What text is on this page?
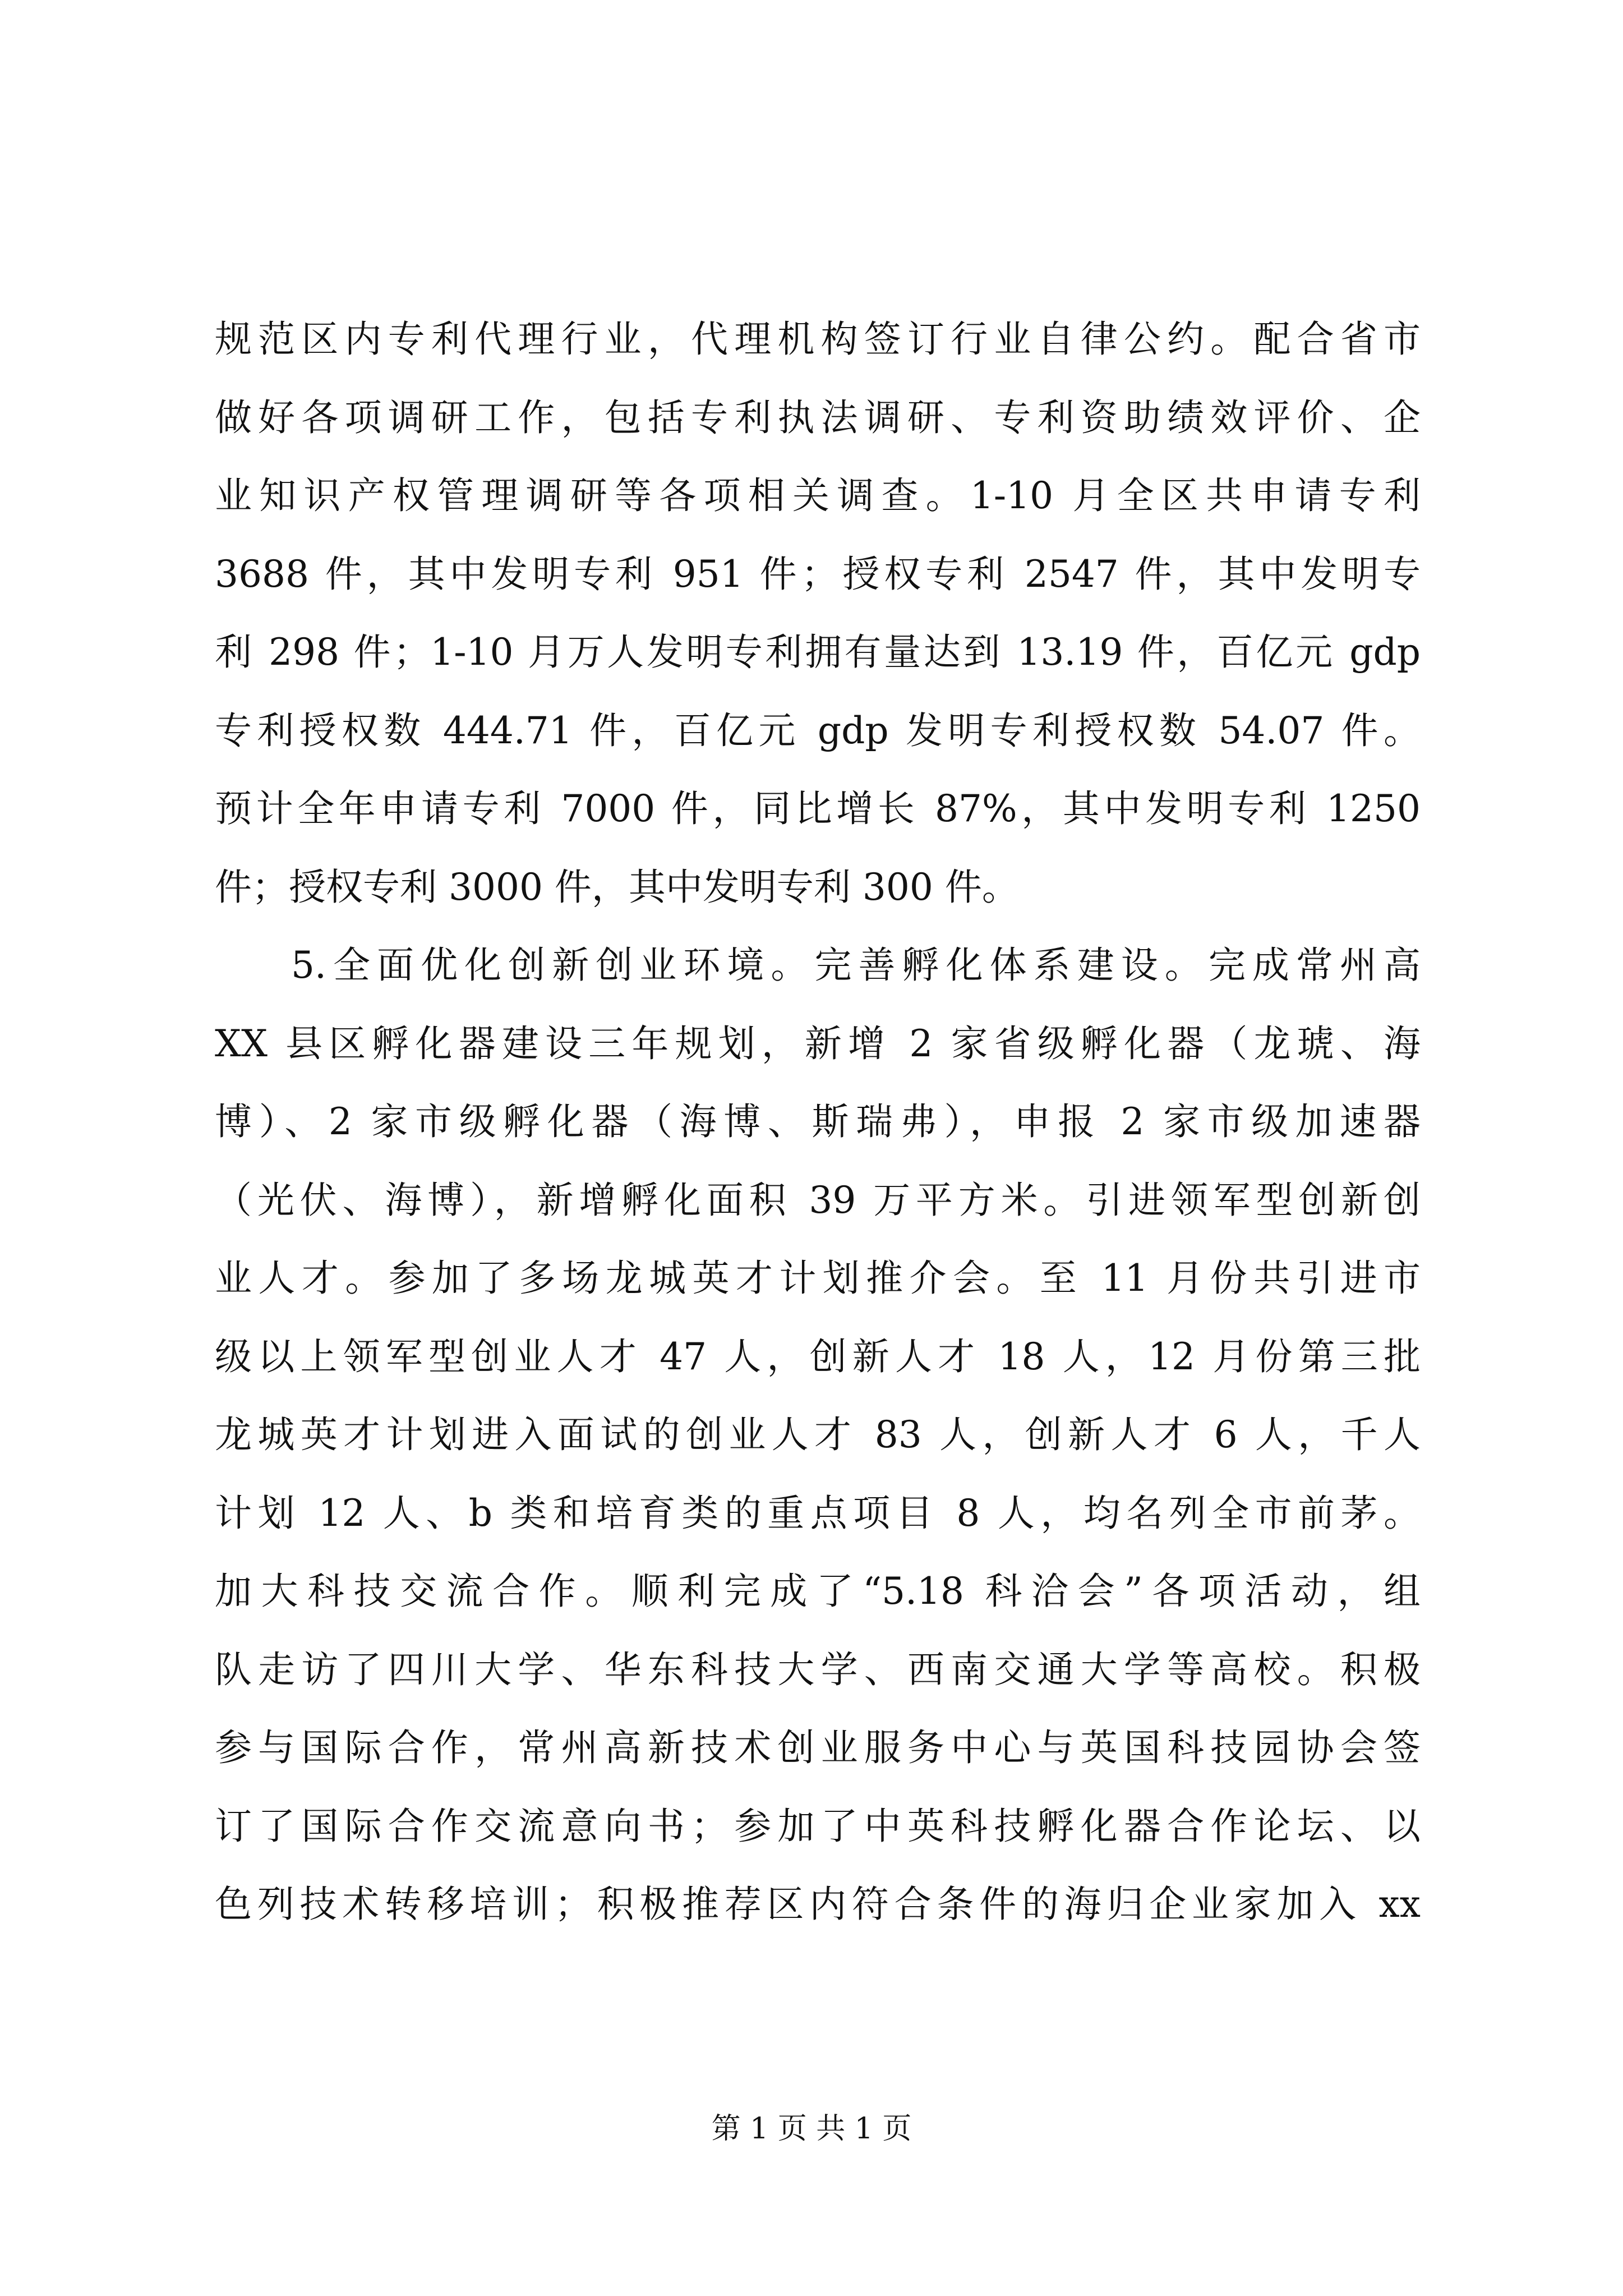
规范区内专利代理行业，代理机构签订行业自律公约。配合省市
做好各项调研工作，包括专利执法调研、专利资助绩效评价、企
业知识产权管理调研等各项相关调查。1-10 月全区共申请专利
3688 件，其中发明专利 951 件；授权专利 2547 件，其中发明专
利 298 件；1-10 月万人发明专利拥有量达到 13.19 件，百亿元 gdp
专利授权数 444.71 件，百亿元 gdp 发明专利授权数 54.07 件。
预计全年申请专利 7000 件，同比增长 87%，其中发明专利 1250
件；授权专利 3000 件，其中发明专利 300 件。
5.全面优化创新创业环境。完善孵化体系建设。完成常州高
XX 县区孵化器建设三年规划，新增 2 家省级孵化器（龙琥、海
博）、2 家市级孵化器（海博、斯瑞弗），申报 2 家市级加速器
（光伏、海博），新增孵化面积 39 万平方米。引进领军型创新创
业人才。参加了多场龙城英才计划推介会。至 11 月份共引进市
级以上领军型创业人才 47 人，创新人才 18 人，12 月份第三批
龙城英才计划进入面试的创业人才 83 人，创新人才 6 人，千人
计划 12 人、b 类和培育类的重点项目 8 人，均名列全市前茅。
加大科技交流合作。顺利完成了“5.18 科洽会”各项活动，组
队走访了四川大学、华东科技大学、西南交通大学等高校。积极
参与国际合作，常州高新技术创业服务中心与英国科技园协会签
订了国际合作交流意向书；参加了中英科技孵化器合作论坛、以
色列技术转移培训；积极推荐区内符合条件的海归企业家加入 xx
第 1 页 共 1 页
